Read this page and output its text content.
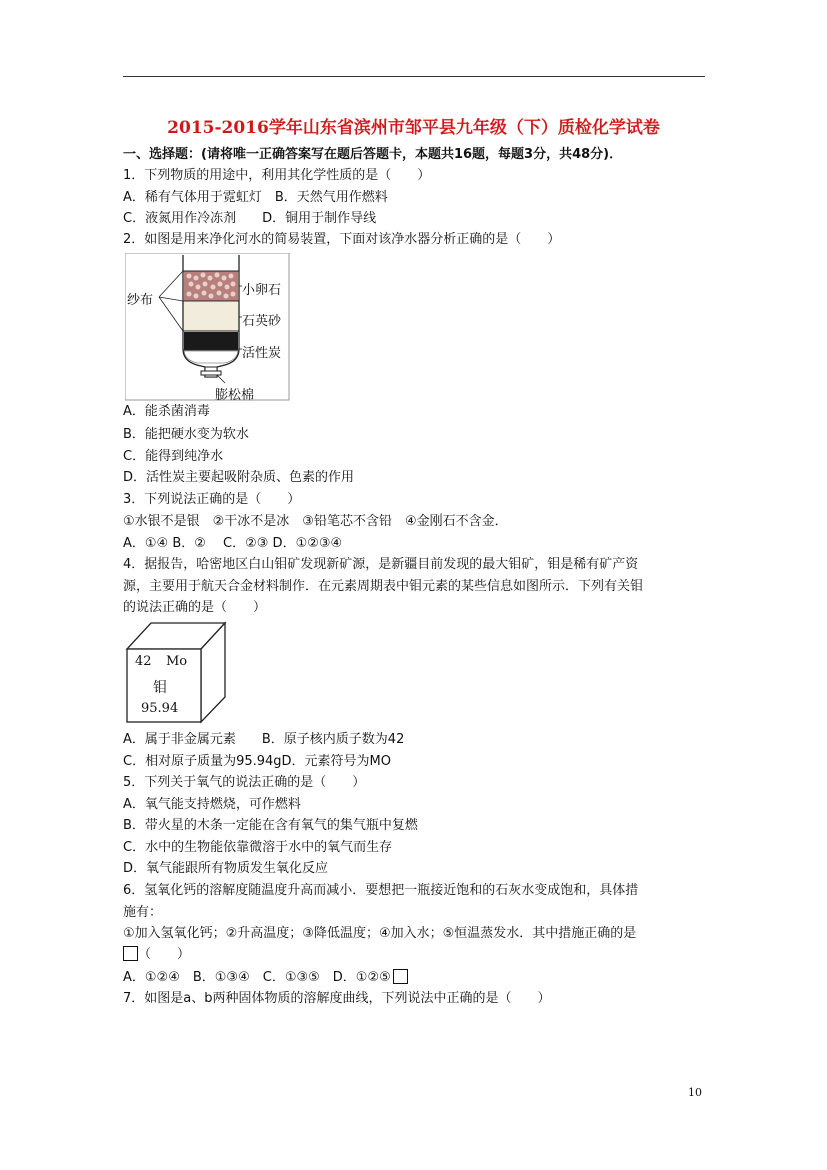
2015-2016学年山东省滨州市邹平县九年级（下）质检化学试卷
一、选择题：(请将唯一正确答案写在题后答题卡，本题共16题，每题3分，共48分)．
1．下列物质的用途中，利用其化学性质的是（　　）
A．稀有气体用于霓虹灯　B．天然气用作燃料
C．液氮用作冷冻剂　　D．铜用于制作导线
2．如图是用来净化河水的简易装置，下面对该净水器分析正确的是（　　）
纱布
小卵石
石英砂
活性炭
膨松棉
A．能杀菌消毒
B．能把硬水变为软水
C．能得到纯净水
D．活性炭主要起吸附杂质、色素的作用
3．下列说法正确的是（　　）
①水银不是银　②干冰不是冰　③铅笔芯不含铅　④金刚石不含金．
A．①④ B．②　 C．②③ D．①②③④
4．据报告，哈密地区白山钼矿发现新矿源，是新疆目前发现的最大钼矿，钼是稀有矿产资
源，主要用于航天合金材料制作．在元素周期表中钼元素的某些信息如图所示．下列有关钼
的说法正确的是（　　）
42 Mo
钼
95.94
A．属于非金属元素　　B．原子核内质子数为42
C．相对原子质量为95.94gD．元素符号为MO
5．下列关于氧气的说法正确的是（　　）
A．氧气能支持燃烧，可作燃料
B．带火星的木条一定能在含有氧气的集气瓶中复燃
C．水中的生物能依靠微溶于水中的氧气而生存
D．氧气能跟所有物质发生氧化反应
6．氢氧化钙的溶解度随温度升高而减小．要想把一瓶接近饱和的石灰水变成饱和，具体措
施有：
①加入氢氧化钙；②升高温度；③降低温度；④加入水；⑤恒温蒸发水．其中措施正确的是
（　　）
A．①②④　B．①③④　C．①③⑤　D．①②⑤
7．如图是a、b两种固体物质的溶解度曲线，下列说法中正确的是（　　）
10
